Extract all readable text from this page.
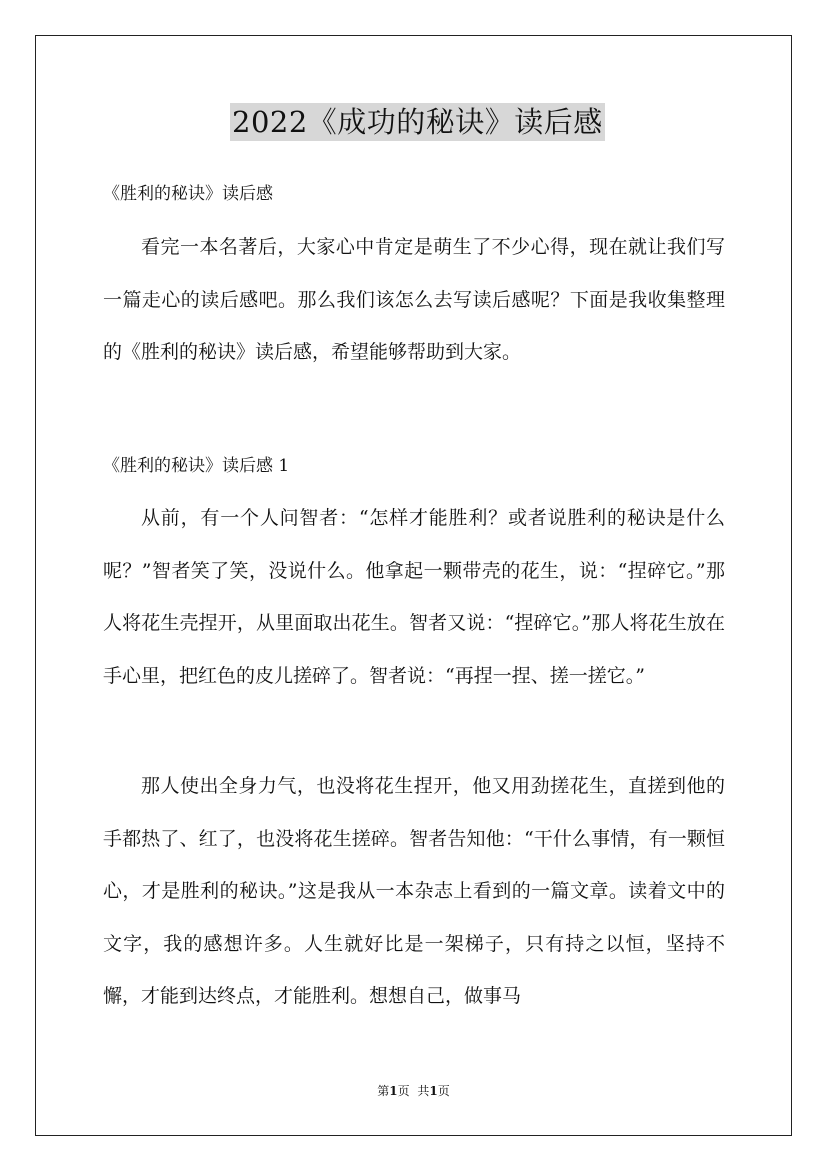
2022《成功的秘诀》读后感
《胜利的秘诀》读后感

看完一本名著后，大家心中肯定是萌生了不少心得，现在就让我们写一篇走心的读后感吧。那么我们该怎么去写读后感呢？下面是我收集整理的《胜利的秘诀》读后感，希望能够帮助到大家。

《胜利的秘诀》读后感 1

从前，有一个人问智者：“怎样才能胜利？或者说胜利的秘诀是什么呢？”智者笑了笑，没说什么。他拿起一颗带壳的花生，说：“捏碎它。”那人将花生壳捏开，从里面取出花生。智者又说：“捏碎它。”那人将花生放在手心里，把红色的皮儿搓碎了。智者说：“再捏一捏、搓一搓它。”

那人使出全身力气，也没将花生捏开，他又用劲搓花生，直搓到他的手都热了、红了，也没将花生搓碎。智者告知他：“干什么事情，有一颗恒心，才是胜利的秘诀。”这是我从一本杂志上看到的一篇文章。读着文中的文字，我的感想许多。人生就好比是一架梯子，只有持之以恒，坚持不懈，才能到达终点，才能胜利。想想自己，做事马

第1页 共1页
